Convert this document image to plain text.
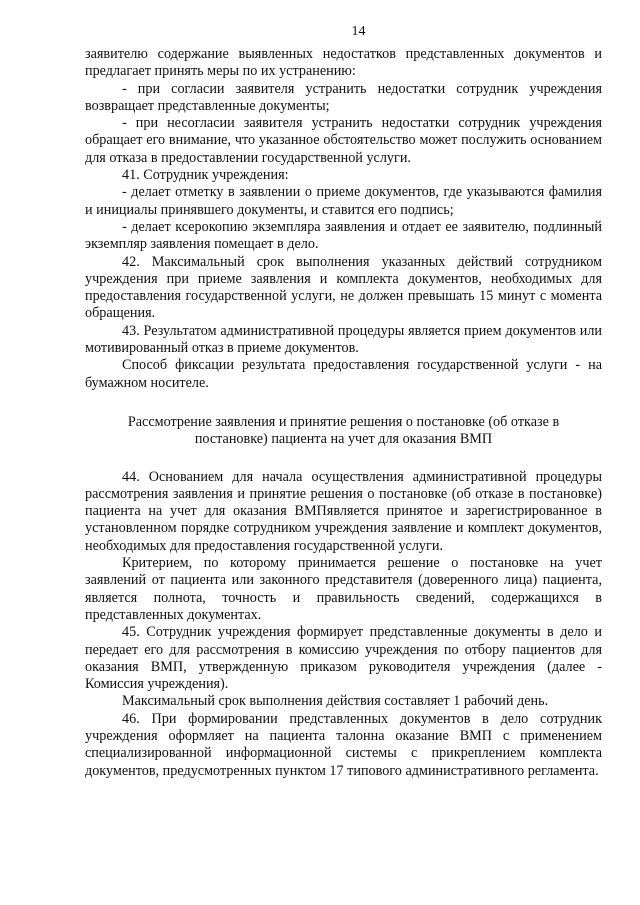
14

заявителю содержание выявленных недостатков представленных документов и предлагает принять меры по их устранению:

- при согласии заявителя устранить недостатки сотрудник учреждения возвращает представленные документы;

- при несогласии заявителя устранить недостатки сотрудник учреждения обращает его внимание, что указанное обстоятельство может послужить основанием для отказа в предоставлении государственной услуги.

41. Сотрудник учреждения:

- делает отметку в заявлении о приеме документов, где указываются фамилия и инициалы принявшего документы, и ставится его подпись;

- делает ксерокопию экземпляра заявления и отдает ее заявителю, подлинный экземпляр заявления помещает в дело.

42. Максимальный срок выполнения указанных действий сотрудником учреждения при приеме заявления и комплекта документов, необходимых для предоставления государственной услуги, не должен превышать 15 минут с момента обращения.

43. Результатом административной процедуры является прием документов или мотивированный отказ в приеме документов.

Способ фиксации результата предоставления государственной услуги - на бумажном носителе.

Рассмотрение заявления и принятие решения о постановке (об отказе в постановке) пациента на учет для оказания ВМП

44. Основанием для начала осуществления административной процедуры рассмотрения заявления и принятие решения о постановке (об отказе в постановке) пациента на учет для оказания ВМПявляется принятое и зарегистрированное в установленном порядке сотрудником учреждения заявление и комплект документов, необходимых для предоставления государственной услуги.

Критерием, по которому принимается решение о постановке на учет заявлений от пациента или законного представителя (доверенного лица) пациента, является полнота, точность и правильность сведений, содержащихся в представленных документах.

45. Сотрудник учреждения формирует представленные документы в дело и передает его для рассмотрения в комиссию учреждения по отбору пациентов для оказания ВМП, утвержденную приказом руководителя учреждения (далее - Комиссия учреждения).

Максимальный срок выполнения действия составляет 1 рабочий день.

46. При формировании представленных документов в дело сотрудник учреждения оформляет на пациента талонна оказание ВМП с применением специализированной информационной системы с прикреплением комплекта документов, предусмотренных пунктом 17 типового административного регламента.
